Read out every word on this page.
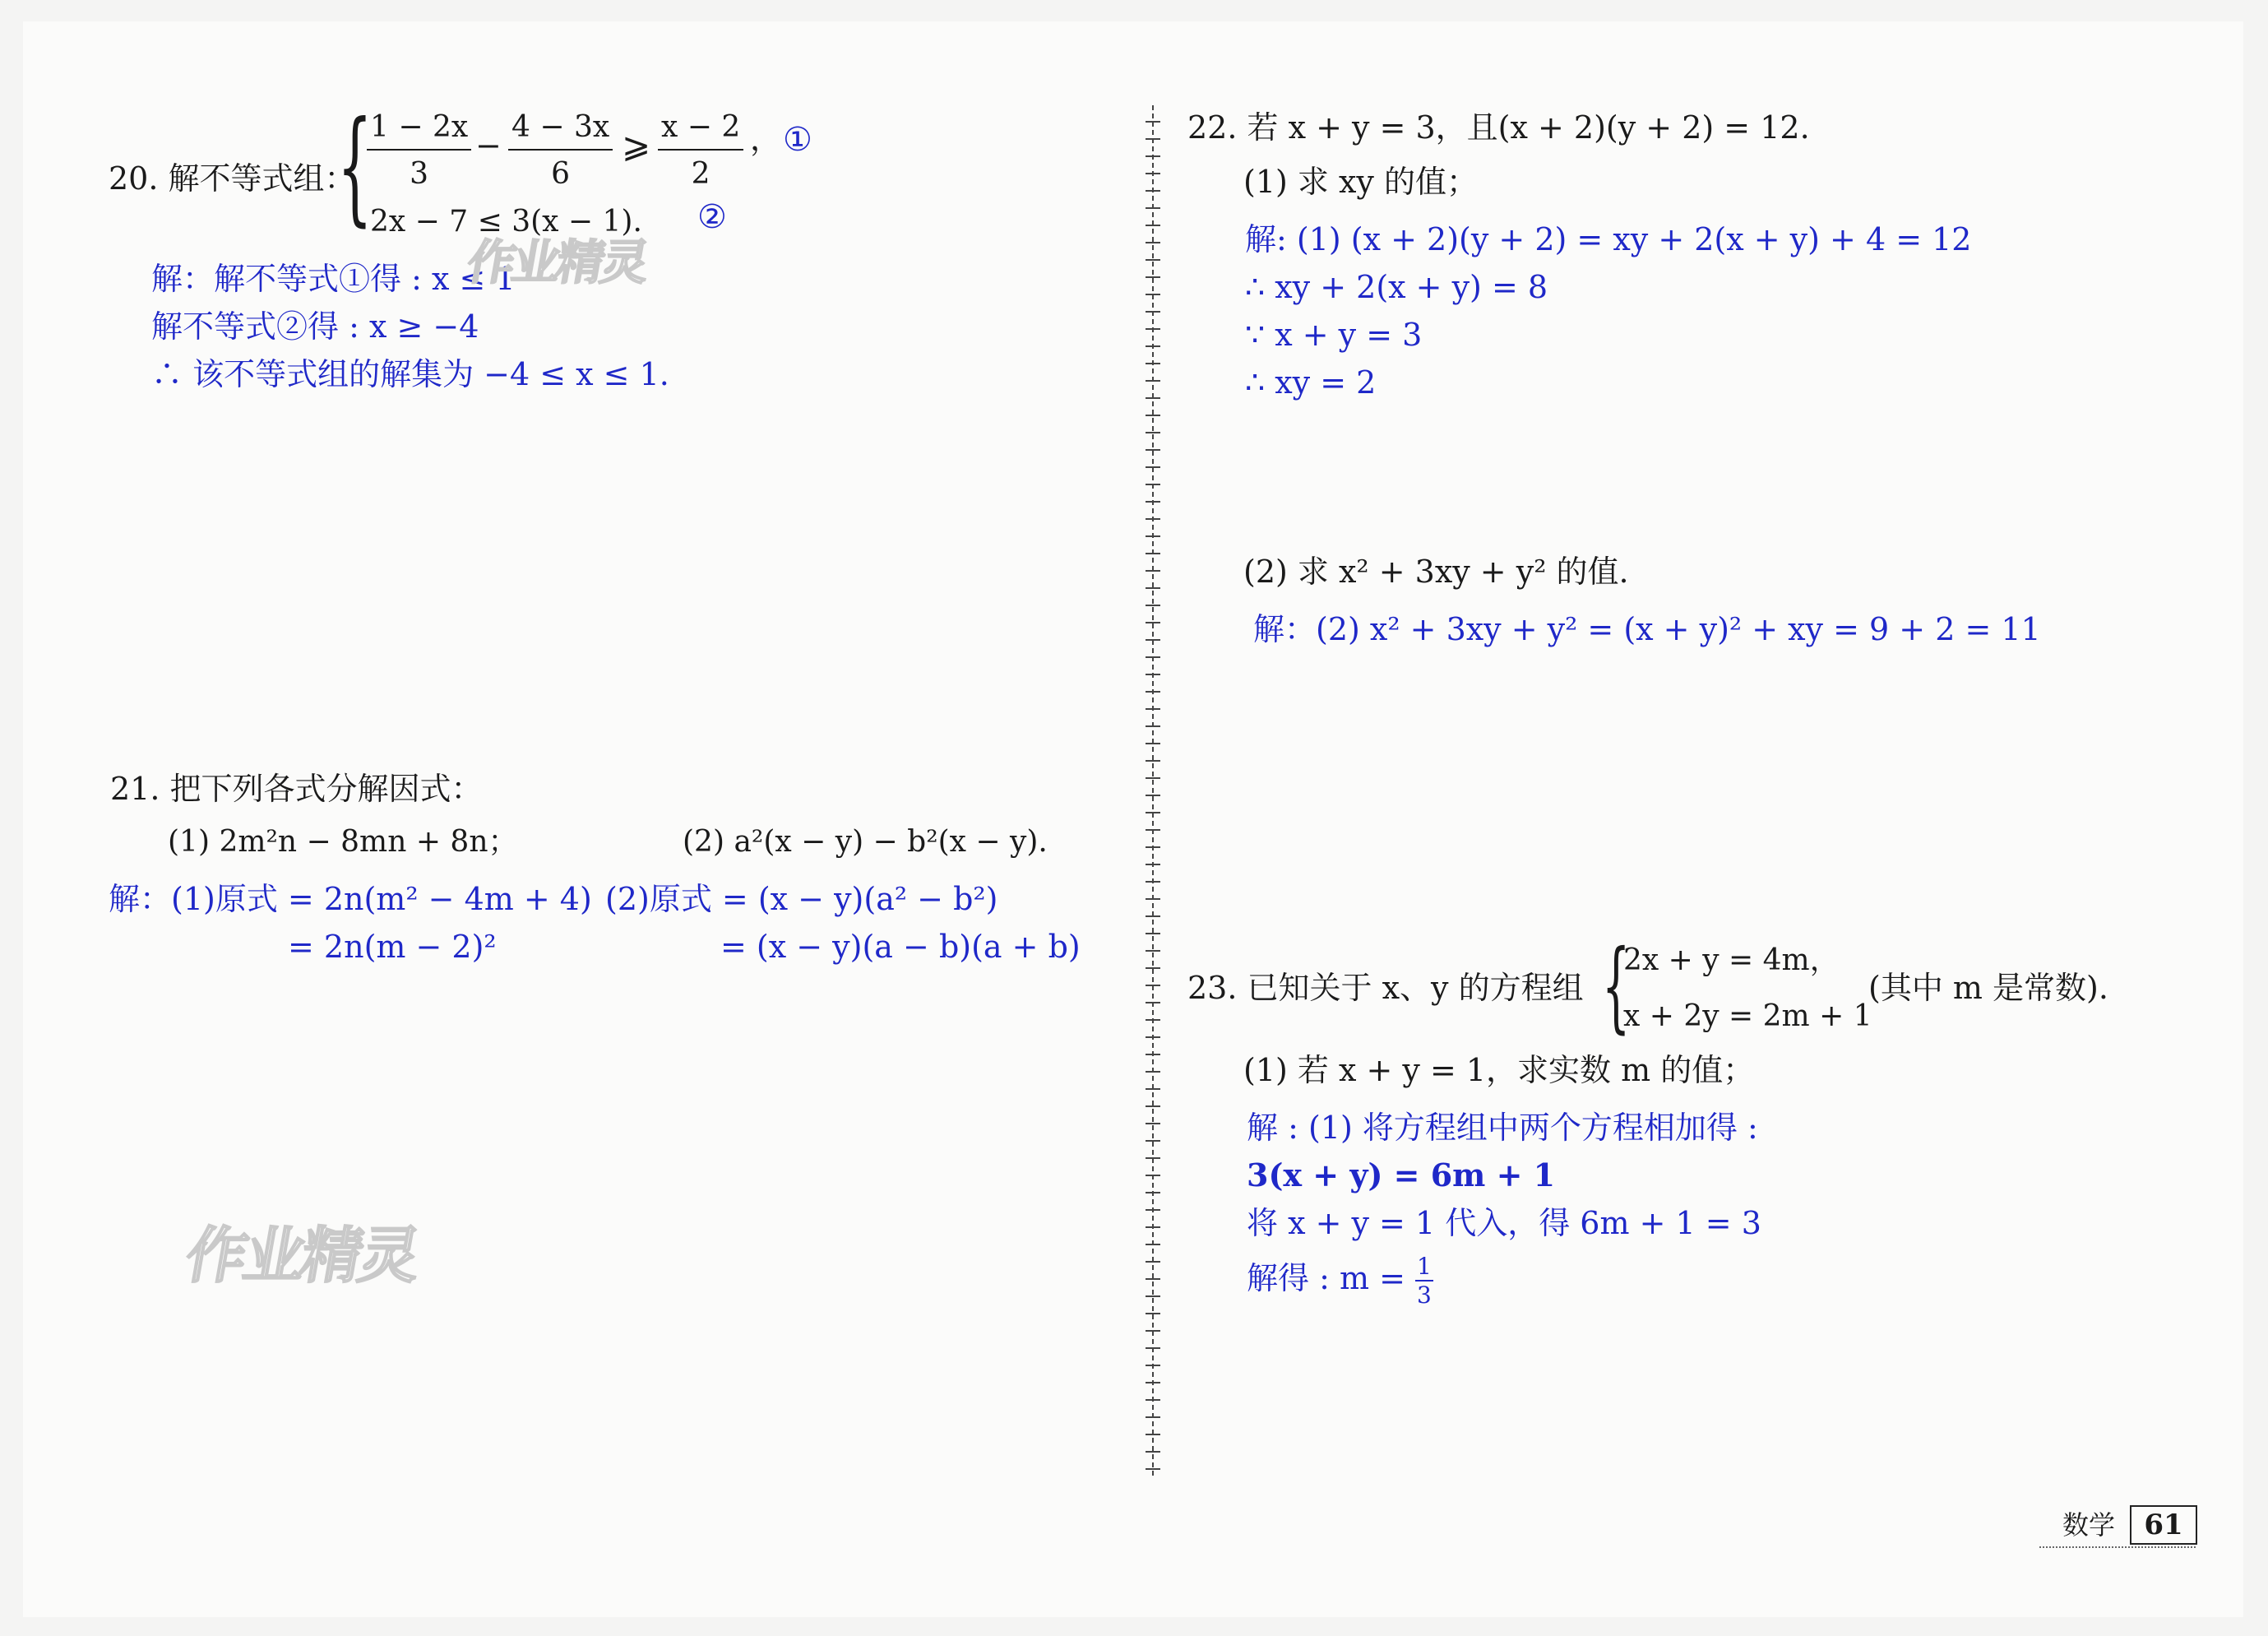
20. 解不等式组：
{
$\frac{1 - 2x}{3} - \frac{4 - 3x}{6}$ ⩾ $\frac{x - 2}{2}$ ， ①
2x − 7 ≤ 3(x − 1). ②
解：解不等式①得 : x ≤ 1
解不等式②得 : x ≥ −4
∴ 该不等式组的解集为 −4 ≤ x ≤ 1.
21. 把下列各式分解因式：
(1) 2m²n − 8mn + 8n；	(2) a²(x − y) − b²(x − y).
解：(1)原式 = 2n(m² − 4m + 4)
= 2n(m − 2)²
(2)原式 = (x − y)(a² − b²)
= (x − y)(a − b)(a + b)
作业精灵
作业精灵
22. 若 x + y = 3，且(x + 2)(y + 2) = 12.
(1) 求 xy 的值；
解: (1) (x + 2)(y + 2) = xy + 2(x + y) + 4 = 12
∴ xy + 2(x + y) = 8
∵ x + y = 3
∴ xy = 2
(2) 求 x² + 3xy + y² 的值.
解：(2) x² + 3xy + y² = (x + y)² + xy = 9 + 2 = 11
23. 已知关于 x、y 的方程组 {
2x + y = 4m，
x + 2y = 2m + 1
(其中 m 是常数).
(1) 若 x + y = 1，求实数 m 的值；
解 : (1) 将方程组中两个方程相加得 :
3(x + y) = 6m + 1
将 x + y = 1 代入，得 6m + 1 = 3
解得 : $m = \frac{1}{3}$
数学	61
